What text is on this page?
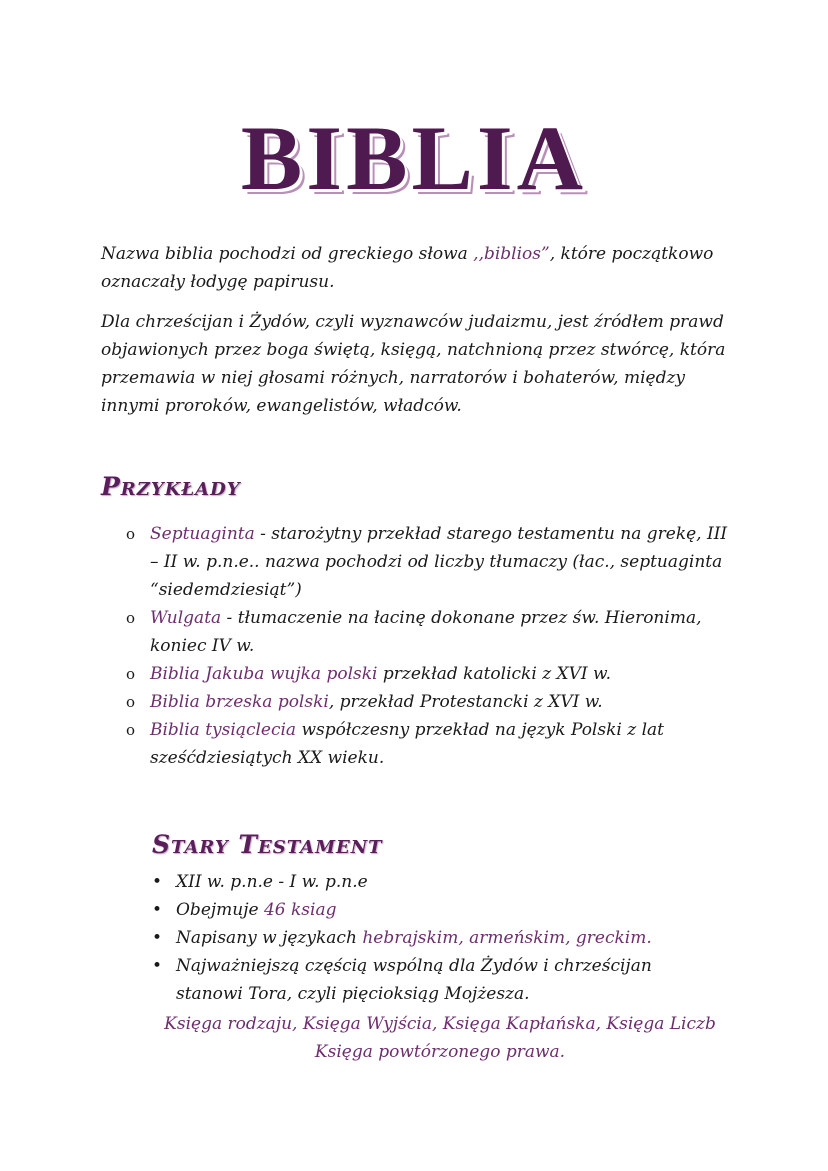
BIBLIA

Nazwa biblia pochodzi od greckiego słowa ,,biblios”, które początkowo oznaczały łodygę papirusu.

Dla chrześcijan i Żydów, czyli wyznawców judaizmu, jest źródłem prawd objawionych przez boga świętą, księgą, natchnioną przez stwórcę, która przemawia w niej głosami różnych, narratorów i bohaterów, między innymi proroków, ewangelistów, władców.

Przykłady
o Septuaginta - starożytny przekład starego testamentu na grekę, III – II w. p.n.e.. nazwa pochodzi od liczby tłumaczy (łac., septuaginta “siedemdziesiąt”)
o Wulgata - tłumaczenie na łacinę dokonane przez św. Hieronima, koniec IV w.
o Biblia Jakuba wujka polski przekład katolicki z XVI w.
o Biblia brzeska polski, przekład Protestancki z XVI w.
o Biblia tysiąclecia współczesny przekład na język Polski z lat sześćdziesiątych XX wieku.
Stary Testament
• XII w. p.n.e - I w. p.n.e
• Obejmuje 46 ksiag
• Napisany w językach hebrajskim, armeńskim, greckim.
• Najważniejszą częścią wspólną dla Żydów i chrześcijan stanowi Tora, czyli pięcioksiąg Mojżesza.
Księga rodzaju, Księga Wyjścia, Księga Kapłańska, Księga Liczb
Księga powtórzonego prawa.
